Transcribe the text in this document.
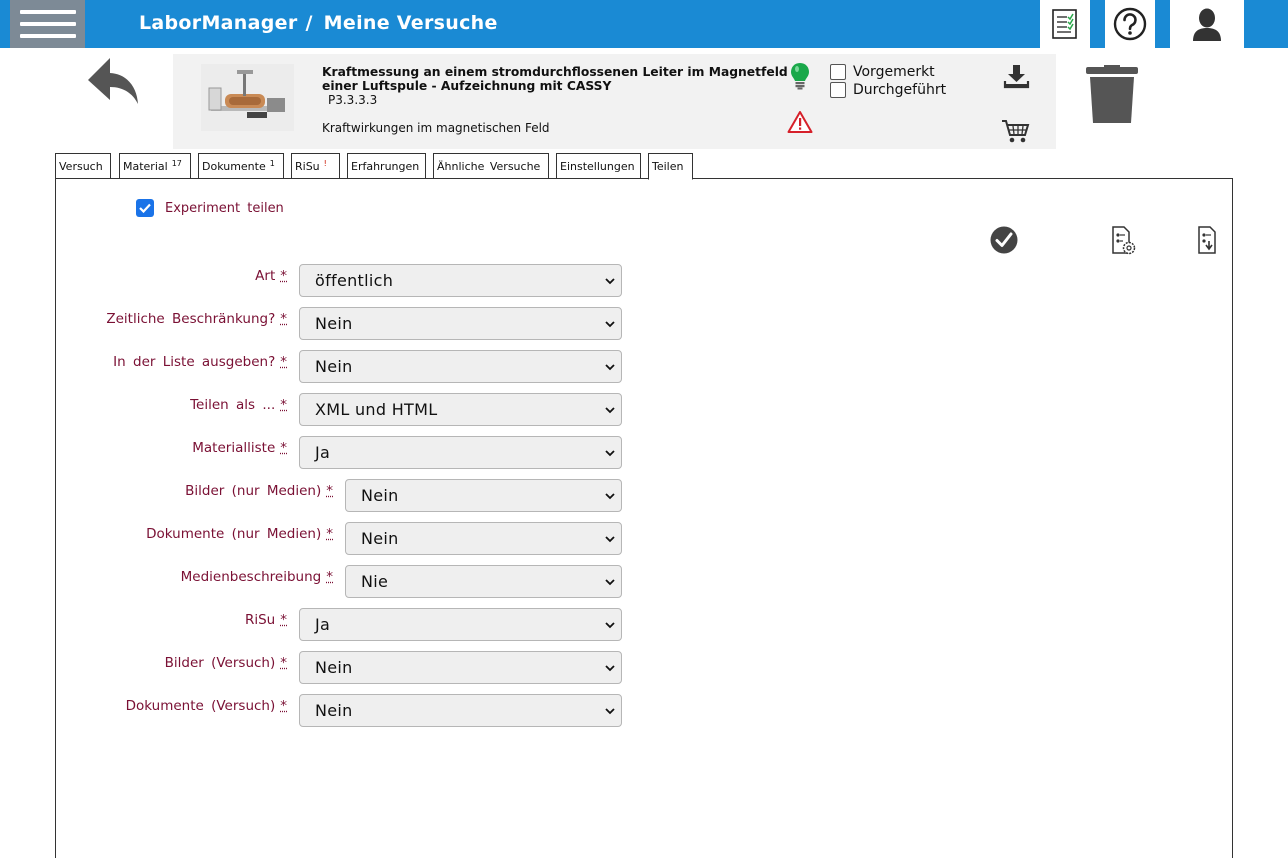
LaborManager / Meine Versuche
Kraftmessung an einem stromdurchflossenen Leiter im Magnetfeld einer Luftspule - Aufzeichnung mit CASSY
P3.3.3.3
Kraftwirkungen im magnetischen Feld
Vorgemerkt
Durchgeführt
Versuch	Material $^{17}$	Dokumente $^1$	RiSu !	Erfahrungen	Ähnliche Versuche	Einstellungen	Teilen
Experiment teilen
Art *	öffentlich
Zeitliche Beschränkung? *	Nein
In der Liste ausgeben? *	Nein
Teilen als ... *	XML und HTML
Materialliste *	Ja
Bilder (nur Medien) *	Nein
Dokumente (nur Medien) *	Nein
Medienbeschreibung *	Nie
RiSu *	Ja
Bilder (Versuch) *	Nein
Dokumente (Versuch) *	Nein
